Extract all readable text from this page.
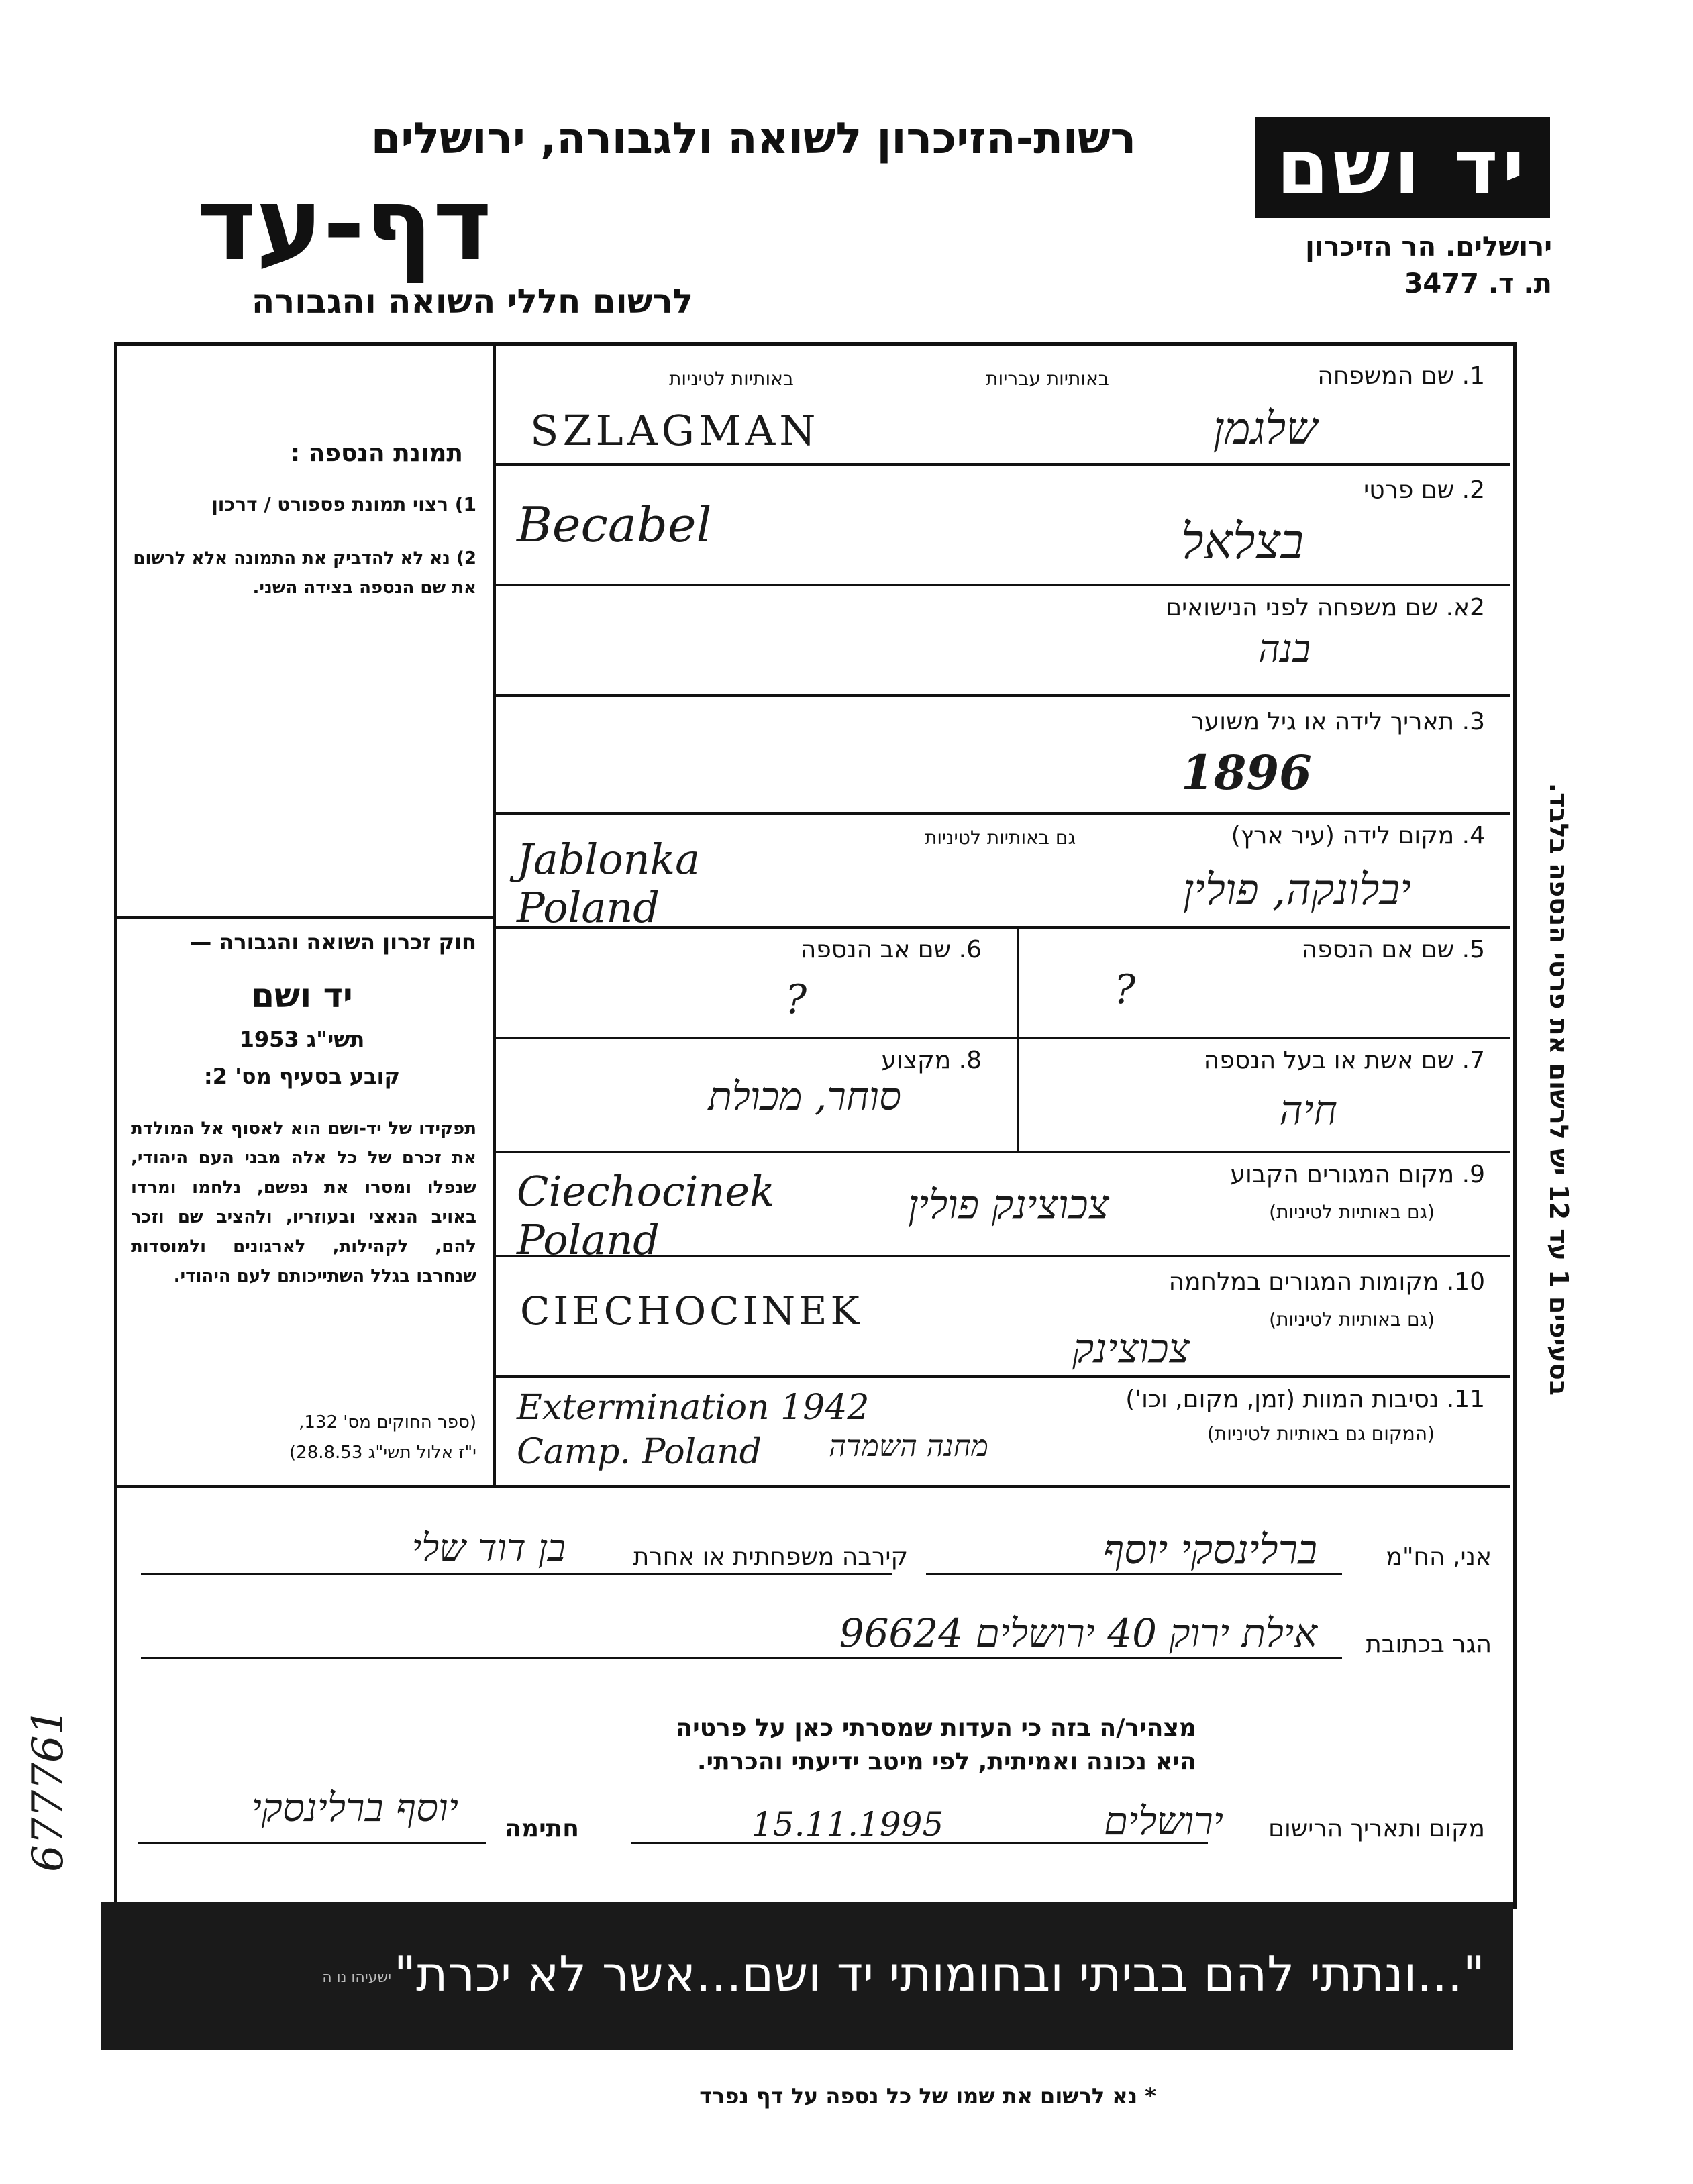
רשות-הזיכרון לשואה ולגבורה, ירושלים
דף-עד
לרשום חללי השואה והגבורה
יד ושם
ירושלים. הר הזיכרון
ת. ד. 3477
תמונת הנספה :
1) רצוי תמונת פספורט / דרכון
2) נא לא להדביק את התמונה אלא לרשום את שם הנספה בצידה השני.
חוק זכרון השואה והגבורה —
יד ושם
תשי"ג 1953
קובע בסעיף מס' 2:
תפקידו של יד-ושם הוא לאסוף אל המולדת את זכרם של כל אלה מבני העם היהודי, שנפלו ומסרו את נפשם, נלחמו ומרדו באויב הנאצי ובעוזריו, ולהציב שם וזכר להם, לקהילות, לארגונים ולמוסדות שנחרבו בגלל השתייכותם לעם היהודי.
(ספר החוקים מס' 132,
י"ז אלול תשי"ג 28.8.53)
1. שם המשפחה
באותיות עבריות
באותיות לטיניות
SZLAGMAN	שלגמן
2. שם פרטי
Becabel	בצלאל
2א. שם משפחה לפני הנישואים
בנה
3. תאריך לידה או גיל משוער
1896
4. מקום לידה (עיר ארץ)
גם באותיות לטיניות
Jablonka Poland	יבלונקה, פולין
5. שם אם הנספה
?
6. שם אב הנספה
?
7. שם אשת או בעל הנספה
חיה
8. מקצוע
סוחר, מכולת
9. מקום המגורים הקבוע
(גם באותיות לטיניות)
Ciechocinek Poland
צכוצינק פולין
10. מקומות המגורים במלחמה
(גם באותיות לטיניות)
CIECHOCINEK
צכוצינק
11. נסיבות המוות (זמן, מקום, וכו')
(המקום גם באותיות לטיניות)
Extermination 1942 Camp. Poland	מחנה השמדה
בסעיפים 1 עד 12 יש לרשום את פרטי הנספה בלבד.
אני, הח"מ
ברלינסקי יוסף
קירבה משפחתית או אחרת
בן דוד שלי
הגר בכתובת
אילת ירוק 40 ירושלים 96624
מצהיר/ה בזה כי העדות שמסרתי כאן על פרטיה
היא נכונה ואמיתית, לפי מיטב ידיעתי והכרתי.
מקום ותאריך הרישום
15.11.1995	ירושלים
חתימה
יוסף ברלינסקי
677761
"...ונתתי להם בביתי ובחומותי יד ושם...אשר לא יכרת"
ישעיהו נו ה
* נא לרשום את שמו של כל נספה על דף נפרד
